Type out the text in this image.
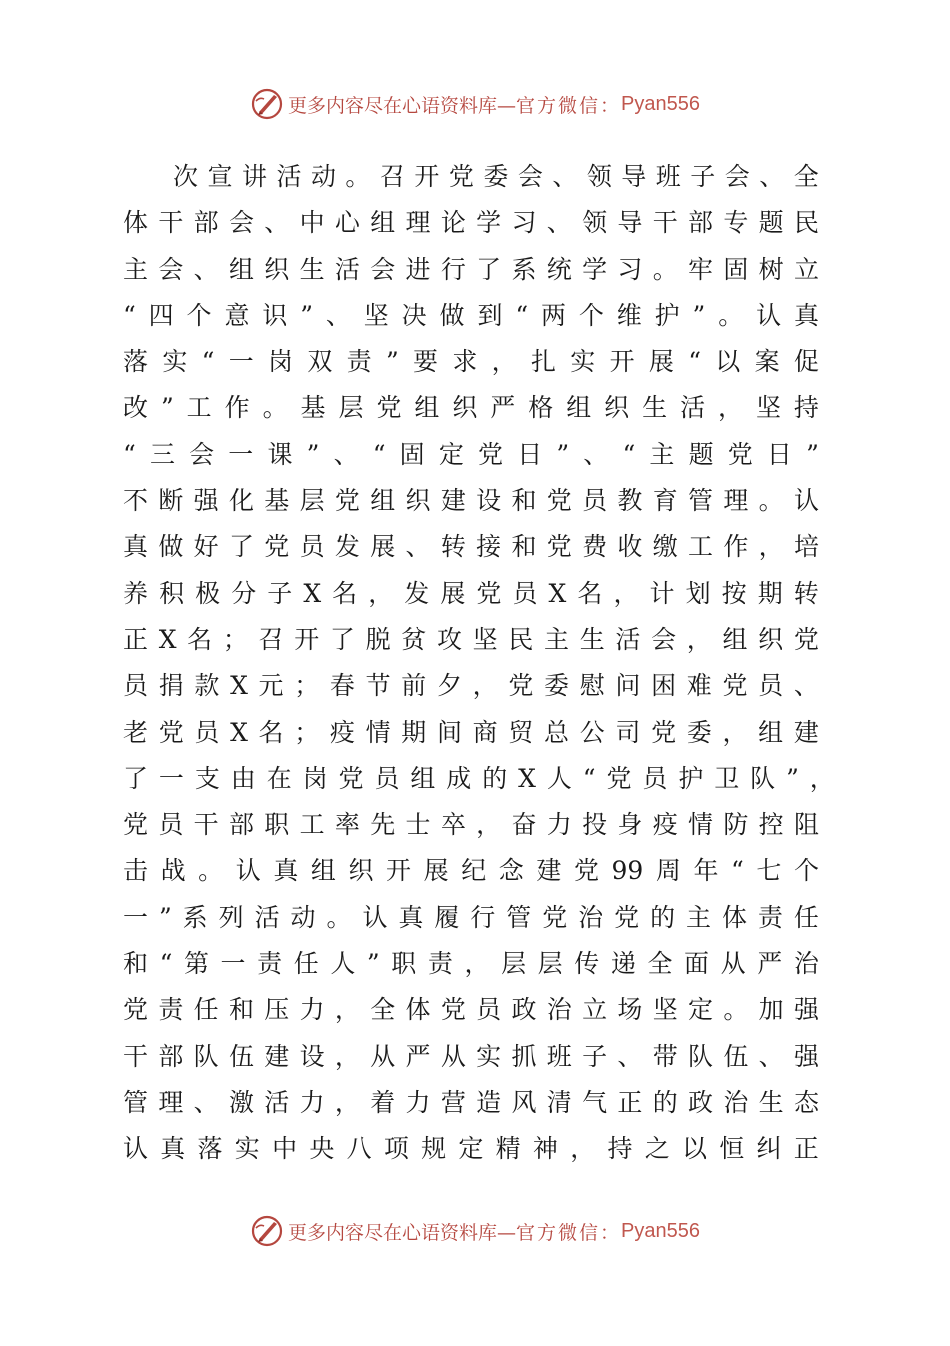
更多内容尽在心语资料库— 官方微信： Pyan556
次 宣 讲 活 动 。 召 开 党 委 会 、 领 导 班 子 会 、 全
体 干 部 会 、 中 心 组 理 论 学 习 、 领 导 干 部 专 题 民
主 会 、 组 织 生 活 会 进 行 了 系 统 学 习 。 牢 固 树 立
“ 四 个 意 识 ” 、 坚 决 做 到 “ 两 个 维 护 ” 。 认 真
落 实 “ 一 岗 双 责 ” 要 求 ， 扎 实 开 展 “ 以 案 促
改 ” 工 作 。 基 层 党 组 织 严 格 组 织 生 活 ， 坚 持
“ 三 会 一 课 ” 、 “ 固 定 党 日 ” 、 “ 主 题 党 日 ”
不 断 强 化 基 层 党 组 织 建 设 和 党 员 教 育 管 理 。 认
真 做 好 了 党 员 发 展 、 转 接 和 党 费 收 缴 工 作 ， 培
养 积 极 分 子 X 名 ， 发 展 党 员 X 名 ， 计 划 按 期 转
正 X 名 ； 召 开 了 脱 贫 攻 坚 民 主 生 活 会 ， 组 织 党
员 捐 款 X 元 ； 春 节 前 夕 ， 党 委 慰 问 困 难 党 员 、
老 党 员 X 名 ； 疫 情 期 间 商 贸 总 公 司 党 委 ， 组 建
了 一 支 由 在 岗 党 员 组 成 的 X 人 “ 党 员 护 卫 队 ” ，
党 员 干 部 职 工 率 先 士 卒 ， 奋 力 投 身 疫 情 防 控 阻
击 战 。 认 真 组 织 开 展 纪 念 建 党 99 周 年 “ 七 个
一 ” 系 列 活 动 。 认 真 履 行 管 党 治 党 的 主 体 责 任
和 “ 第 一 责 任 人 ” 职 责 ， 层 层 传 递 全 面 从 严 治
党 责 任 和 压 力 ， 全 体 党 员 政 治 立 场 坚 定 。 加 强
干 部 队 伍 建 设 ， 从 严 从 实 抓 班 子 、 带 队 伍 、 强
管 理 、 激 活 力 ， 着 力 营 造 风 清 气 正 的 政 治 生 态
认 真 落 实 中 央 八 项 规 定 精 神 ， 持 之 以 恒 纠 正
更多内容尽在心语资料库— 官方微信： Pyan556
